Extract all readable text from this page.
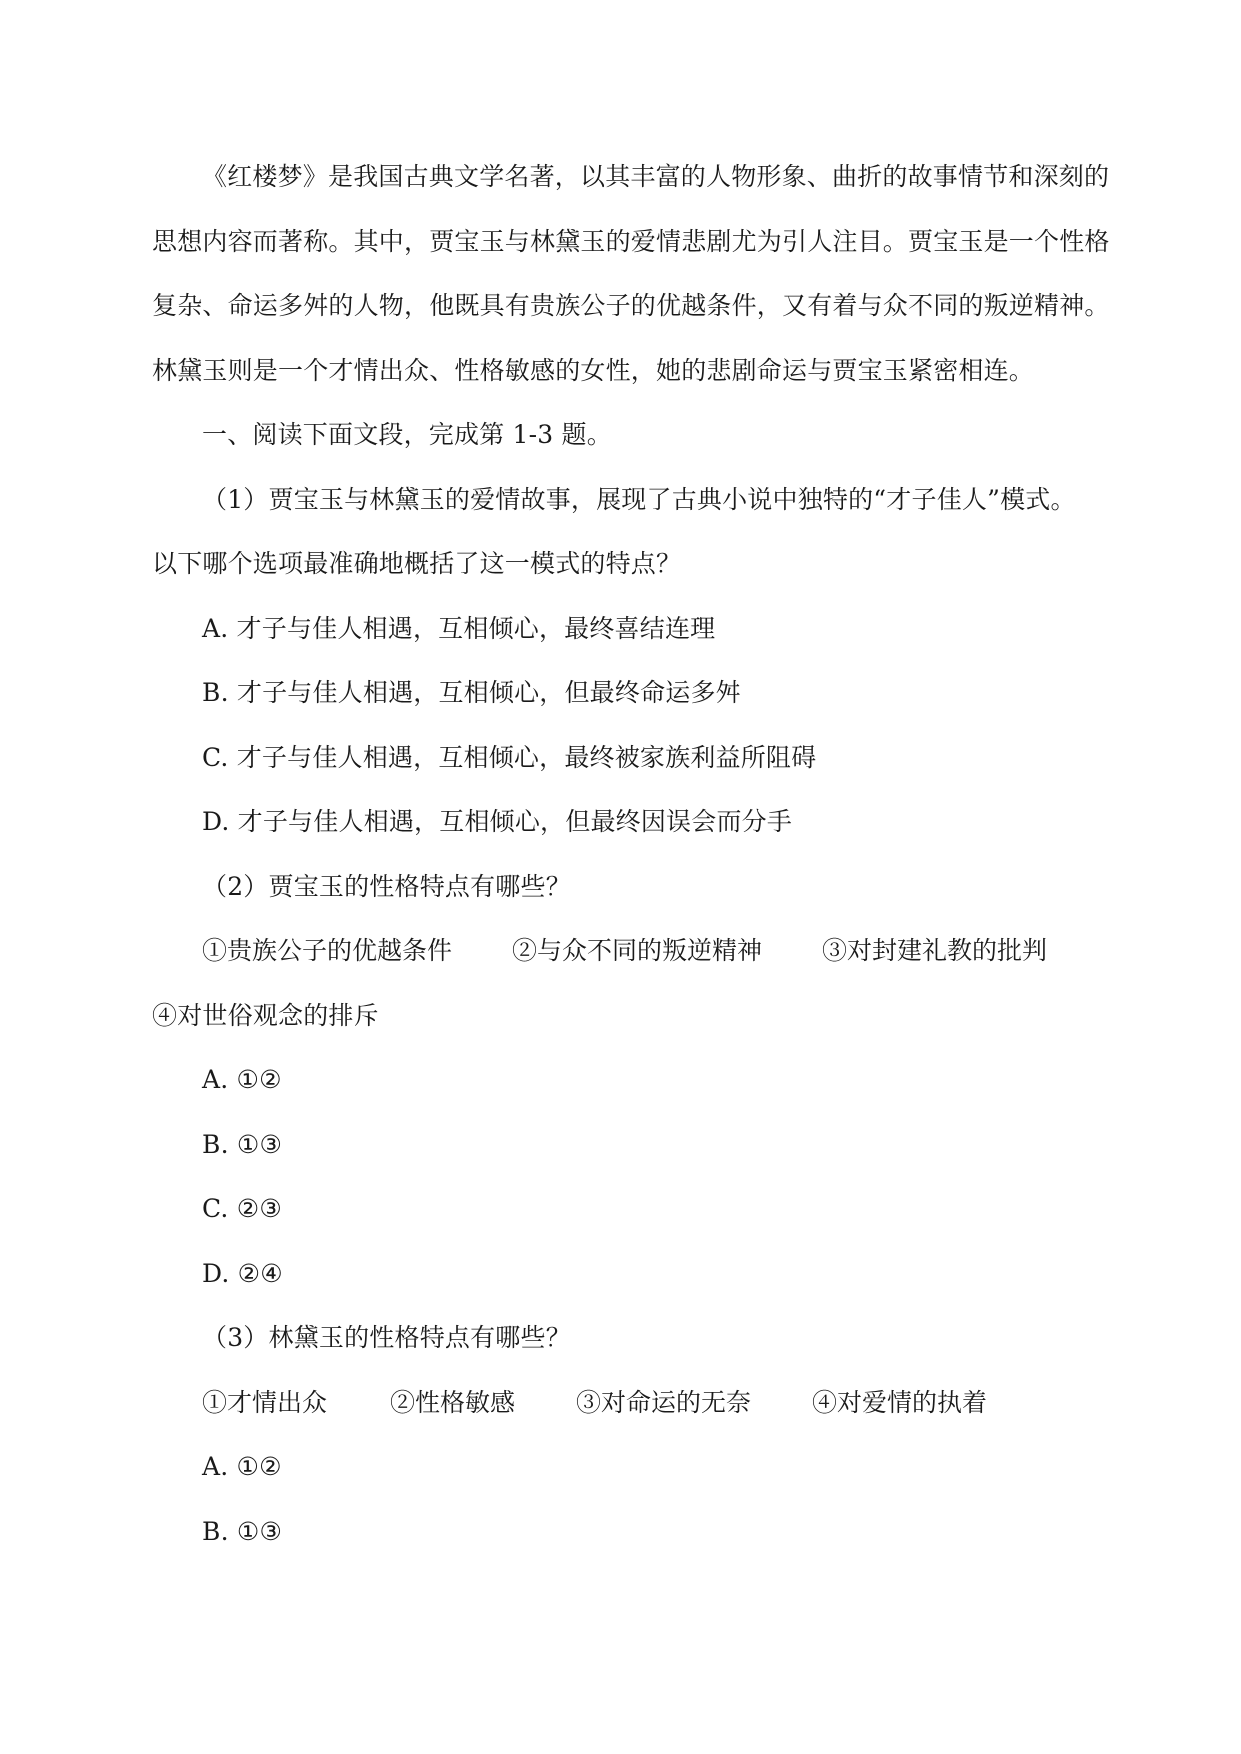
《红楼梦》是我国古典文学名著，以其丰富的人物形象、曲折的故事情节和深刻的
思想内容而著称。其中，贾宝玉与林黛玉的爱情悲剧尤为引人注目。贾宝玉是一个性格
复杂、命运多舛的人物，他既具有贵族公子的优越条件，又有着与众不同的叛逆精神。
林黛玉则是一个才情出众、性格敏感的女性，她的悲剧命运与贾宝玉紧密相连。
一、阅读下面文段，完成第 1-3 题。
（1）贾宝玉与林黛玉的爱情故事，展现了古典小说中独特的“才子佳人”模式。
以下哪个选项最准确地概括了这一模式的特点？
A. 才子与佳人相遇，互相倾心，最终喜结连理
B. 才子与佳人相遇，互相倾心，但最终命运多舛
C. 才子与佳人相遇，互相倾心，最终被家族利益所阻碍
D. 才子与佳人相遇，互相倾心，但最终因误会而分手
（2）贾宝玉的性格特点有哪些？
①贵族公子的优越条件 ②与众不同的叛逆精神 ③对封建礼教的批判
④对世俗观念的排斥
A. ①②
B. ①③
C. ②③
D. ②④
（3）林黛玉的性格特点有哪些？
①才情出众	②性格敏感 ③对命运的无奈 ④对爱情的执着
A. ①②
B. ①③
